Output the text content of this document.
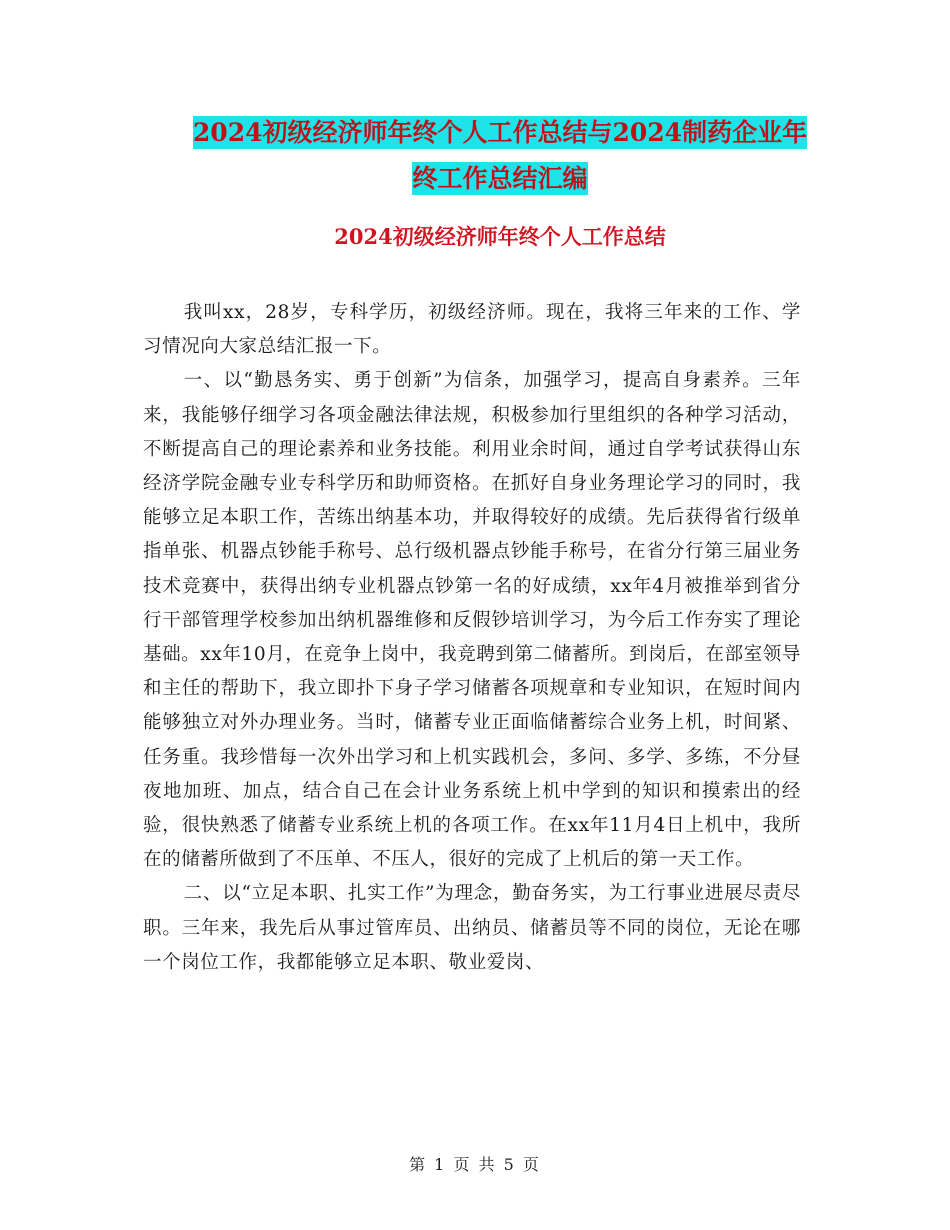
2024初级经济师年终个人工作总结与2024制药企业年
终工作总结汇编
2024初级经济师年终个人工作总结

我叫xx，28岁，专科学历，初级经济师。现在，我将三年来的工作、学习情况向大家总结汇报一下。

一、以“勤恳务实、勇于创新”为信条，加强学习，提高自身素养。三年来，我能够仔细学习各项金融法律法规，积极参加行里组织的各种学习活动，不断提高自己的理论素养和业务技能。利用业余时间，通过自学考试获得山东经济学院金融专业专科学历和助师资格。在抓好自身业务理论学习的同时，我能够立足本职工作，苦练出纳基本功，并取得较好的成绩。先后获得省行级单指单张、机器点钞能手称号、总行级机器点钞能手称号，在省分行第三届业务技术竞赛中，获得出纳专业机器点钞第一名的好成绩，xx年4月被推举到省分行干部管理学校参加出纳机器维修和反假钞培训学习，为今后工作夯实了理论基础。xx年10月，在竞争上岗中，我竞聘到第二储蓄所。到岗后，在部室领导和主任的帮助下，我立即扑下身子学习储蓄各项规章和专业知识，在短时间内能够独立对外办理业务。当时，储蓄专业正面临储蓄综合业务上机，时间紧、任务重。我珍惜每一次外出学习和上机实践机会，多问、多学、多练，不分昼夜地加班、加点，结合自己在会计业务系统上机中学到的知识和摸索出的经验，很快熟悉了储蓄专业系统上机的各项工作。在xx年11月4日上机中，我所在的储蓄所做到了不压单、不压人，很好的完成了上机后的第一天工作。

二、以“立足本职、扎实工作”为理念，勤奋务实，为工行事业进展尽责尽职。三年来，我先后从事过管库员、出纳员、储蓄员等不同的岗位，无论在哪一个岗位工作，我都能够立足本职、敬业爱岗、

第 1 页 共 5 页
